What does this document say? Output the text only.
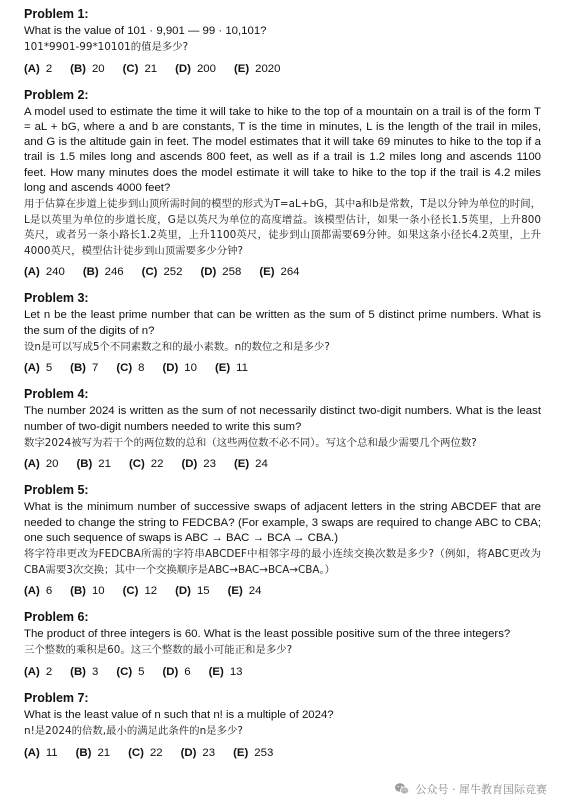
Problem 1:

What is the value of 101 · 9,901 — 99 · 10,101?

101*9901-99*10101的值是多少?

(A) 2 (B) 20 (C) 21 (D) 200 (E) 2020

Problem 2:

A model used to estimate the time it will take to hike to the top of a mountain on a trail is of the form T = aL + bG, where a and b are constants, T is the time in minutes, L is the length of the trail in miles, and G is the altitude gain in feet. The model estimates that it will take 69 minutes to hike to the top if a trail is 1.5 miles long and ascends 800 feet, as well as if a trail is 1.2 miles long and ascends 1100 feet. How many minutes does the model estimate it will take to hike to the top if the trail is 4.2 miles long and ascends 4000 feet?

用于估算在步道上徒步到山顶所需时间的模型的形式为T=aL+bG，其中a和b是常数，T是以分钟为单位的时间，L是以英里为单位的步道长度，G是以英尺为单位的高度增益。该模型估计，如果一条小径长1.5英里，上升800英尺，或者另一条小路长1.2英里，上升1100英尺，徒步到山顶都需要69分钟。如果这条小径长4.2英里，上升4000英尺，模型估计徒步到山顶需要多少分钟?

(A) 240 (B) 246 (C) 252 (D) 258 (E) 264

Problem 3:

Let n be the least prime number that can be written as the sum of 5 distinct prime numbers. What is the sum of the digits of n?

设n是可以写成5个不同素数之和的最小素数。n的数位之和是多少?

(A) 5 (B) 7 (C) 8 (D) 10 (E) 11

Problem 4:

The number 2024 is written as the sum of not necessarily distinct two-digit numbers. What is the least number of two-digit numbers needed to write this sum?

数字2024被写为若干个的两位数的总和（这些两位数不必不同）。写这个总和最少需要几个两位数?

(A) 20 (B) 21 (C) 22 (D) 23 (E) 24

Problem 5:

What is the minimum number of successive swaps of adjacent letters in the string ABCDEF that are needed to change the string to FEDCBA? (For example, 3 swaps are required to change ABC to CBA; one such sequence of swaps is ABC → BAC → BCA → CBA.)

将字符串更改为FEDCBA所需的字符串ABCDEF中相邻字母的最小连续交换次数是多少?（例如，将ABC更改为CBA需要3次交换；其中一个交换顺序是ABC→BAC→BCA→CBA。）

(A) 6 (B) 10 (C) 12 (D) 15 (E) 24

Problem 6:

The product of three integers is 60. What is the least possible positive sum of the three integers?

三个整数的乘积是60。这三个整数的最小可能正和是多少?

(A) 2 (B) 3 (C) 5 (D) 6 (E) 13

Problem 7:

What is the least value of n such that n! is a multiple of 2024?

n!是2024的倍数,最小的满足此条件的n是多少?

(A) 11 (B) 21 (C) 22 (D) 23 (E) 253
公众号 · 犀牛教育国际竞赛
